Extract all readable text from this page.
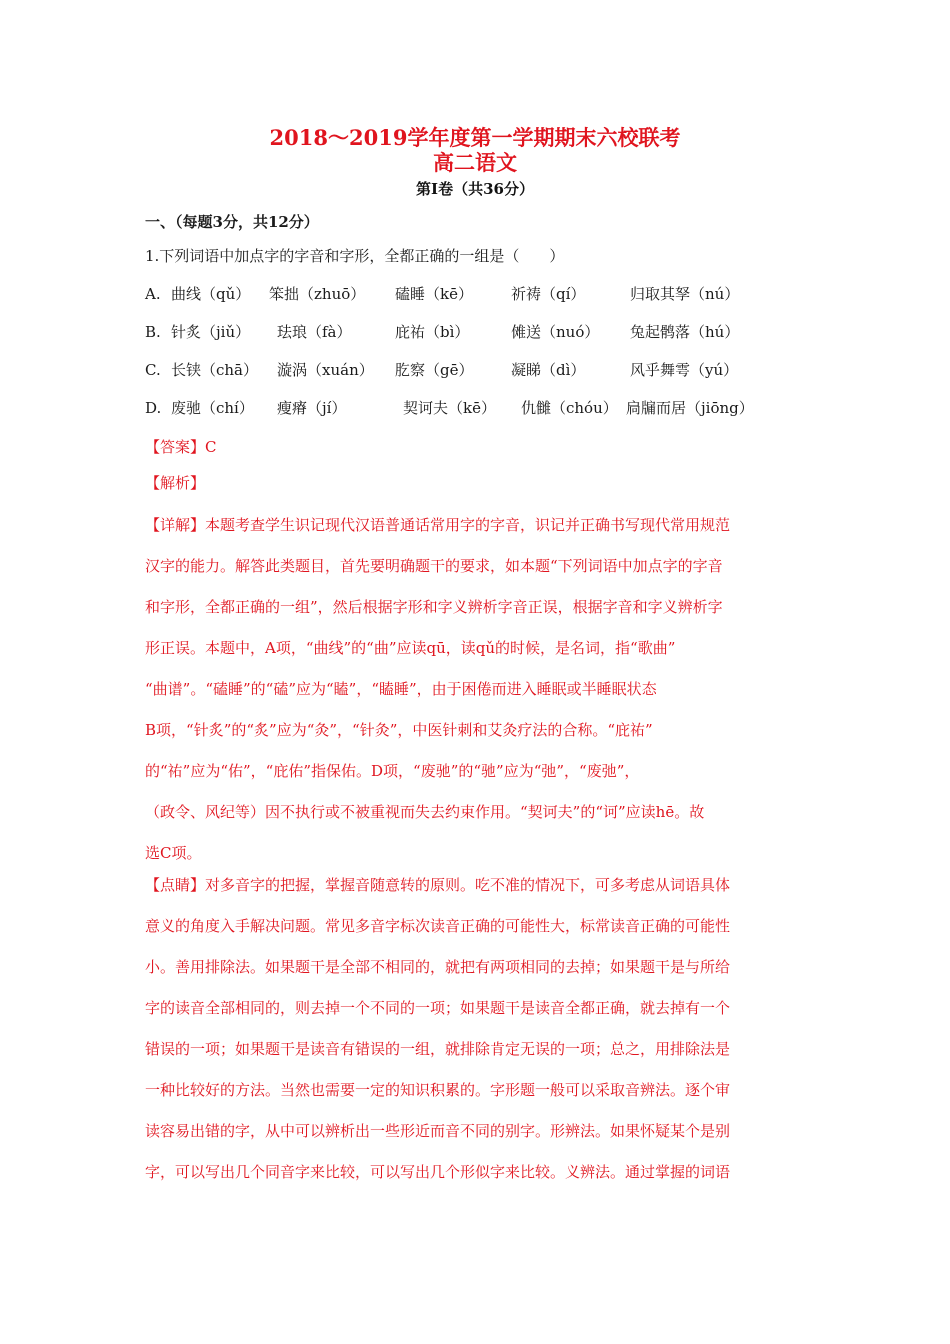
2018～2019学年度第一学期期末六校联考
高二语文
第Ⅰ卷（共36分）
一、（每题3分，共12分）
1.下列词语中加点字的字音和字形，全都正确的一组是（　　）
A. 曲线（qǔ） 笨拙（zhuō） 磕睡（kē）	祈祷（qí）	归取其孥（nú）
B. 针炙（jiǔ） 珐琅（fà）	庇祐（bì）	傩送（nuó） 兔起鹘落（hú）
C. 长铗（chā） 漩涡（xuán） 肐察（gē）	凝睇（dì）	风乎舞雩（yú）
D. 废驰（chí） 瘦瘠（jí）	契诃夫（kē） 仇雠（chóu） 扃牖而居（jiōng）
【答案】C
【解析】
【详解】本题考查学生识记现代汉语普通话常用字的字音，识记并正确书写现代常用规范
汉字的能力。解答此类题目，首先要明确题干的要求，如本题“下列词语中加点字的字音
和字形，全都正确的一组”，然后根据字形和字义辨析字音正误，根据字音和字义辨析字
形正误。本题中，A项，“曲线”的“曲”应读qū，读qǔ的时候，是名词，指“歌曲”
“曲谱”。“磕睡”的“磕”应为“瞌”，“瞌睡”，由于困倦而进入睡眠或半睡眠状态
B项，“针炙”的“炙”应为“灸”，“针灸”，中医针刺和艾灸疗法的合称。“庇祐”
的“祐”应为“佑”，“庇佑”指保佑。D项，“废驰”的“驰”应为“弛”，“废弛”，
（政令、风纪等）因不执行或不被重视而失去约束作用。“契诃夫”的“诃”应读hē。故
选C项。
【点睛】对多音字的把握，掌握音随意转的原则。吃不准的情况下，可多考虑从词语具体
意义的角度入手解决问题。常见多音字标次读音正确的可能性大，标常读音正确的可能性
小。善用排除法。如果题干是全部不相同的，就把有两项相同的去掉；如果题干是与所给
字的读音全部相同的，则去掉一个不同的一项；如果题干是读音全都正确，就去掉有一个
错误的一项；如果题干是读音有错误的一组，就排除肯定无误的一项；总之，用排除法是
一种比较好的方法。当然也需要一定的知识积累的。字形题一般可以采取音辨法。逐个审
读容易出错的字，从中可以辨析出一些形近而音不同的别字。形辨法。如果怀疑某个是别
字，可以写出几个同音字来比较，可以写出几个形似字来比较。义辨法。通过掌握的词语
